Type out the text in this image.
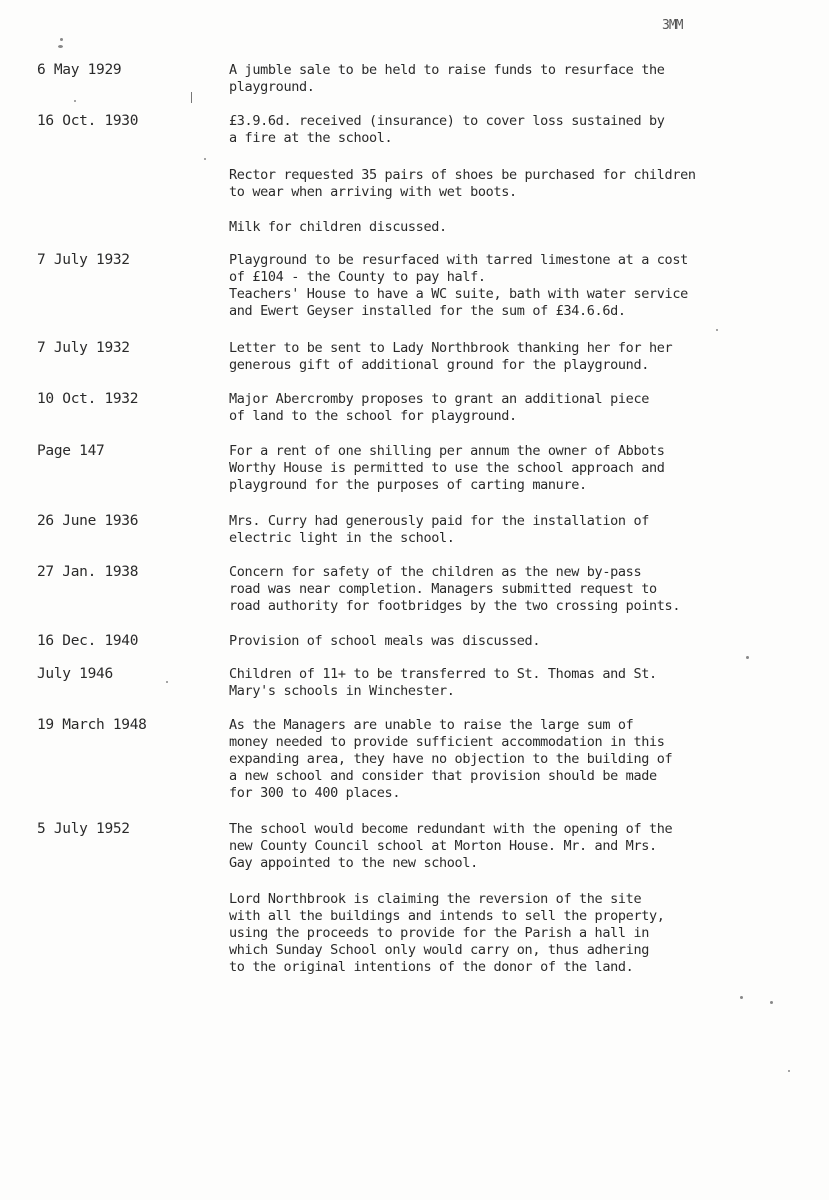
3MM
6 May 1929	A jumble sale to be held to raise funds to resurface the
playground.
16 Oct. 1930	£3.9.6d. received (insurance) to cover loss sustained by
a fire at the school.
Rector requested 35 pairs of shoes be purchased for children
to wear when arriving with wet boots.
Milk for children discussed.
7 July 1932	Playground to be resurfaced with tarred limestone at a cost
of £104 - the County to pay half.
Teachers' House to have a WC suite, bath with water service
and Ewert Geyser installed for the sum of £34.6.6d.
7 July 1932	Letter to be sent to Lady Northbrook thanking her for her
generous gift of additional ground for the playground.
10 Oct. 1932	Major Abercromby proposes to grant an additional piece
of land to the school for playground.
Page 147	For a rent of one shilling per annum the owner of Abbots
Worthy House is permitted to use the school approach and
playground for the purposes of carting manure.
26 June 1936	Mrs. Curry had generously paid for the installation of
electric light in the school.
27 Jan. 1938	Concern for safety of the children as the new by-pass
road was near completion. Managers submitted request to
road authority for footbridges by the two crossing points.
16 Dec. 1940	Provision of school meals was discussed.
July 1946	Children of 11+ to be transferred to St. Thomas and St.
Mary's schools in Winchester.
19 March 1948	As the Managers are unable to raise the large sum of
money needed to provide sufficient accommodation in this
expanding area, they have no objection to the building of
a new school and consider that provision should be made
for 300 to 400 places.
5 July 1952	The school would become redundant with the opening of the
new County Council school at Morton House. Mr. and Mrs.
Gay appointed to the new school.
Lord Northbrook is claiming the reversion of the site
with all the buildings and intends to sell the property,
using the proceeds to provide for the Parish a hall in
which Sunday School only would carry on, thus adhering
to the original intentions of the donor of the land.
